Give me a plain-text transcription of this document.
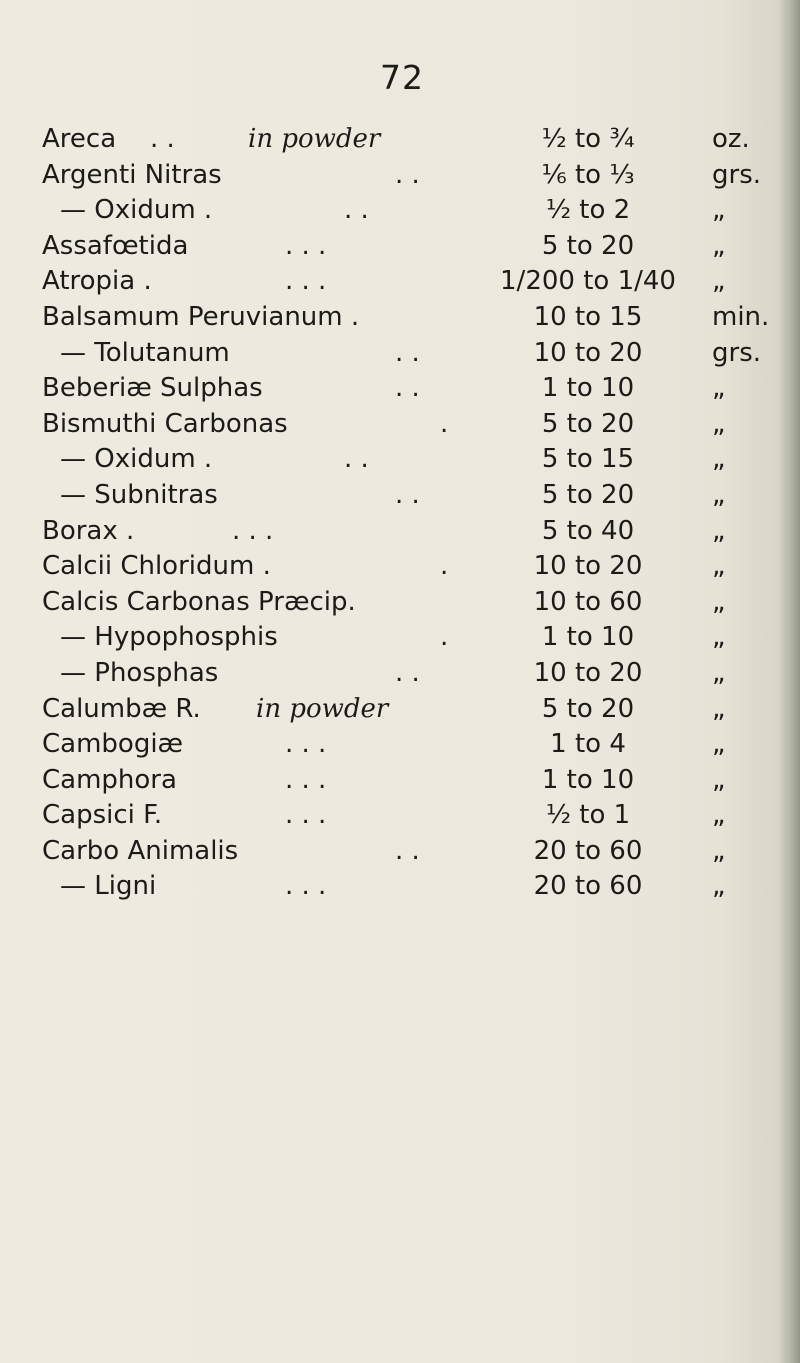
72
Areca . .	in powder	½ to ¾	oz.
Argenti Nitras	. .	⅙ to ⅓	grs.
— Oxidum .	. .	½ to 2	„
Assafœtida	. . .	5 to 20	„
Atropia .	. . .	1/200 to 1/40	„
Balsamum Peruvianum .	10 to 15	min.
— Tolutanum	. .	10 to 20	grs.
Beberiæ Sulphas	. .	1 to 10	„
Bismuthi Carbonas	.	5 to 20	„
— Oxidum .	. .	5 to 15	„
— Subnitras	. .	5 to 20	„
Borax .	. . .	5 to 40	„
Calcii Chloridum .	.	10 to 20	„
Calcis Carbonas Præcip.	10 to 60	„
— Hypophosphis	.	1 to 10	„
— Phosphas	. .	10 to 20	„
Calumbæ R. in powder	5 to 20	„
Cambogiæ	. . .	1 to 4	„
Camphora	. . .	1 to 10	„
Capsici F.	. . .	½ to 1	„
Carbo Animalis	. .	20 to 60	„
— Ligni	. . .	20 to 60	„
